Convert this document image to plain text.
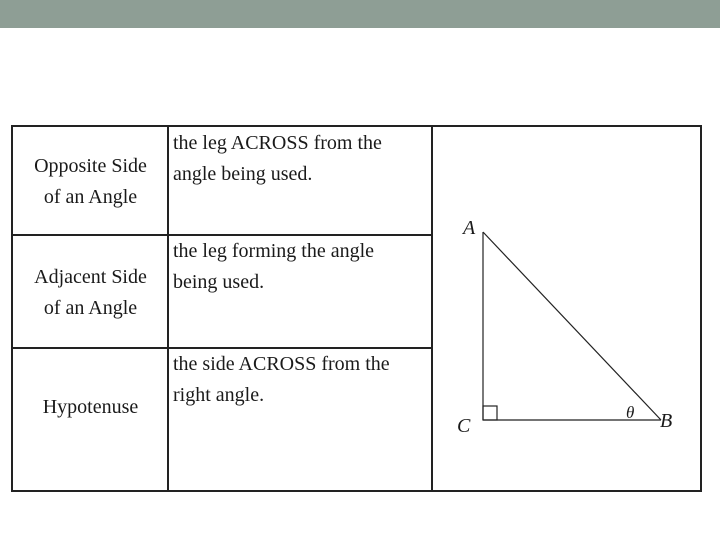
Opposite Side
of an Angle
the leg ACROSS from the
angle being used.
Adjacent Side
of an Angle
the leg forming the angle
being used.
Hypotenuse
the side ACROSS from the
right angle.
A
C	B
θ
